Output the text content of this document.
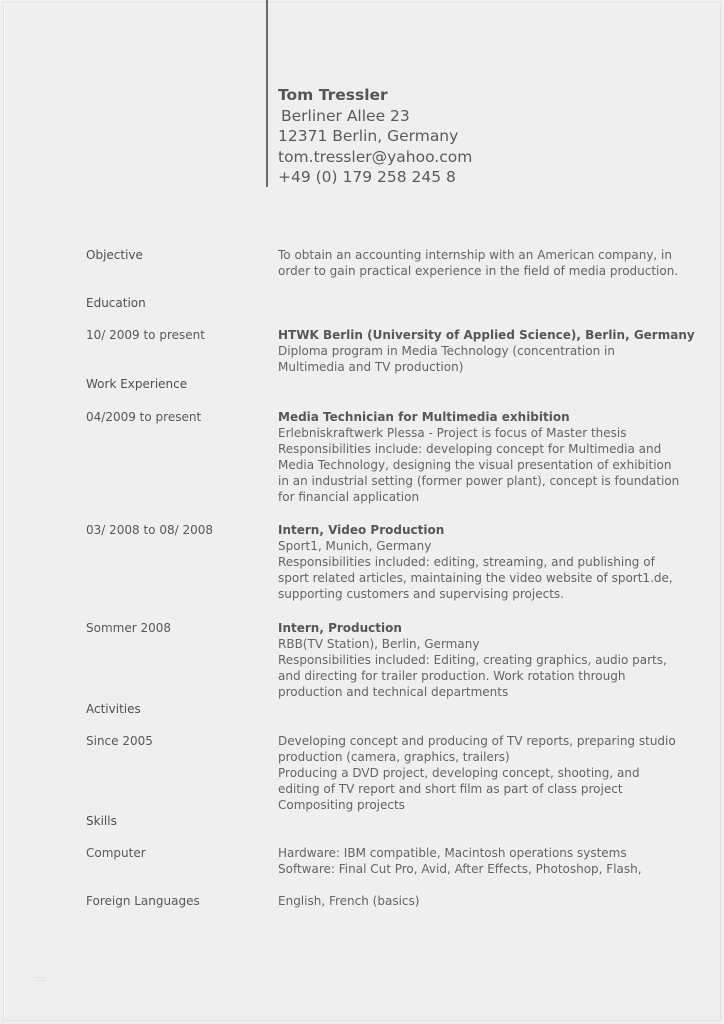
Tom Tressler
Berliner Allee 23
12371 Berlin, Germany
tom.tressler@yahoo.com
+49 (0) 179 258 245 8
Objective	To obtain an accounting internship with an American company, in
order to gain practical experience in the field of media production.
Education
10/ 2009 to present	HTWK Berlin (University of Applied Science), Berlin, Germany
Diploma program in Media Technology (concentration in
Multimedia and TV production)
Work Experience
04/2009 to present	Media Technician for Multimedia exhibition
Erlebniskraftwerk Plessa - Project is focus of Master thesis
Responsibilities include: developing concept for Multimedia and
Media Technology, designing the visual presentation of exhibition
in an industrial setting (former power plant), concept is foundation
for financial application
03/ 2008 to 08/ 2008	Intern, Video Production
Sport1, Munich, Germany
Responsibilities included: editing, streaming, and publishing of
sport related articles, maintaining the video website of sport1.de,
supporting customers and supervising projects.
Sommer 2008	Intern, Production
RBB(TV Station), Berlin, Germany
Responsibilities included: Editing, creating graphics, audio parts,
and directing for trailer production. Work rotation through
production and technical departments
Activities
Since 2005	Developing concept and producing of TV reports, preparing studio
production (camera, graphics, trailers)
Producing a DVD project, developing concept, shooting, and
editing of TV report and short film as part of class project
Compositing projects
Skills
Computer	Hardware: IBM compatible, Macintosh operations systems
Software: Final Cut Pro, Avid, After Effects, Photoshop, Flash,
Foreign Languages	English, French (basics)
▫▫
